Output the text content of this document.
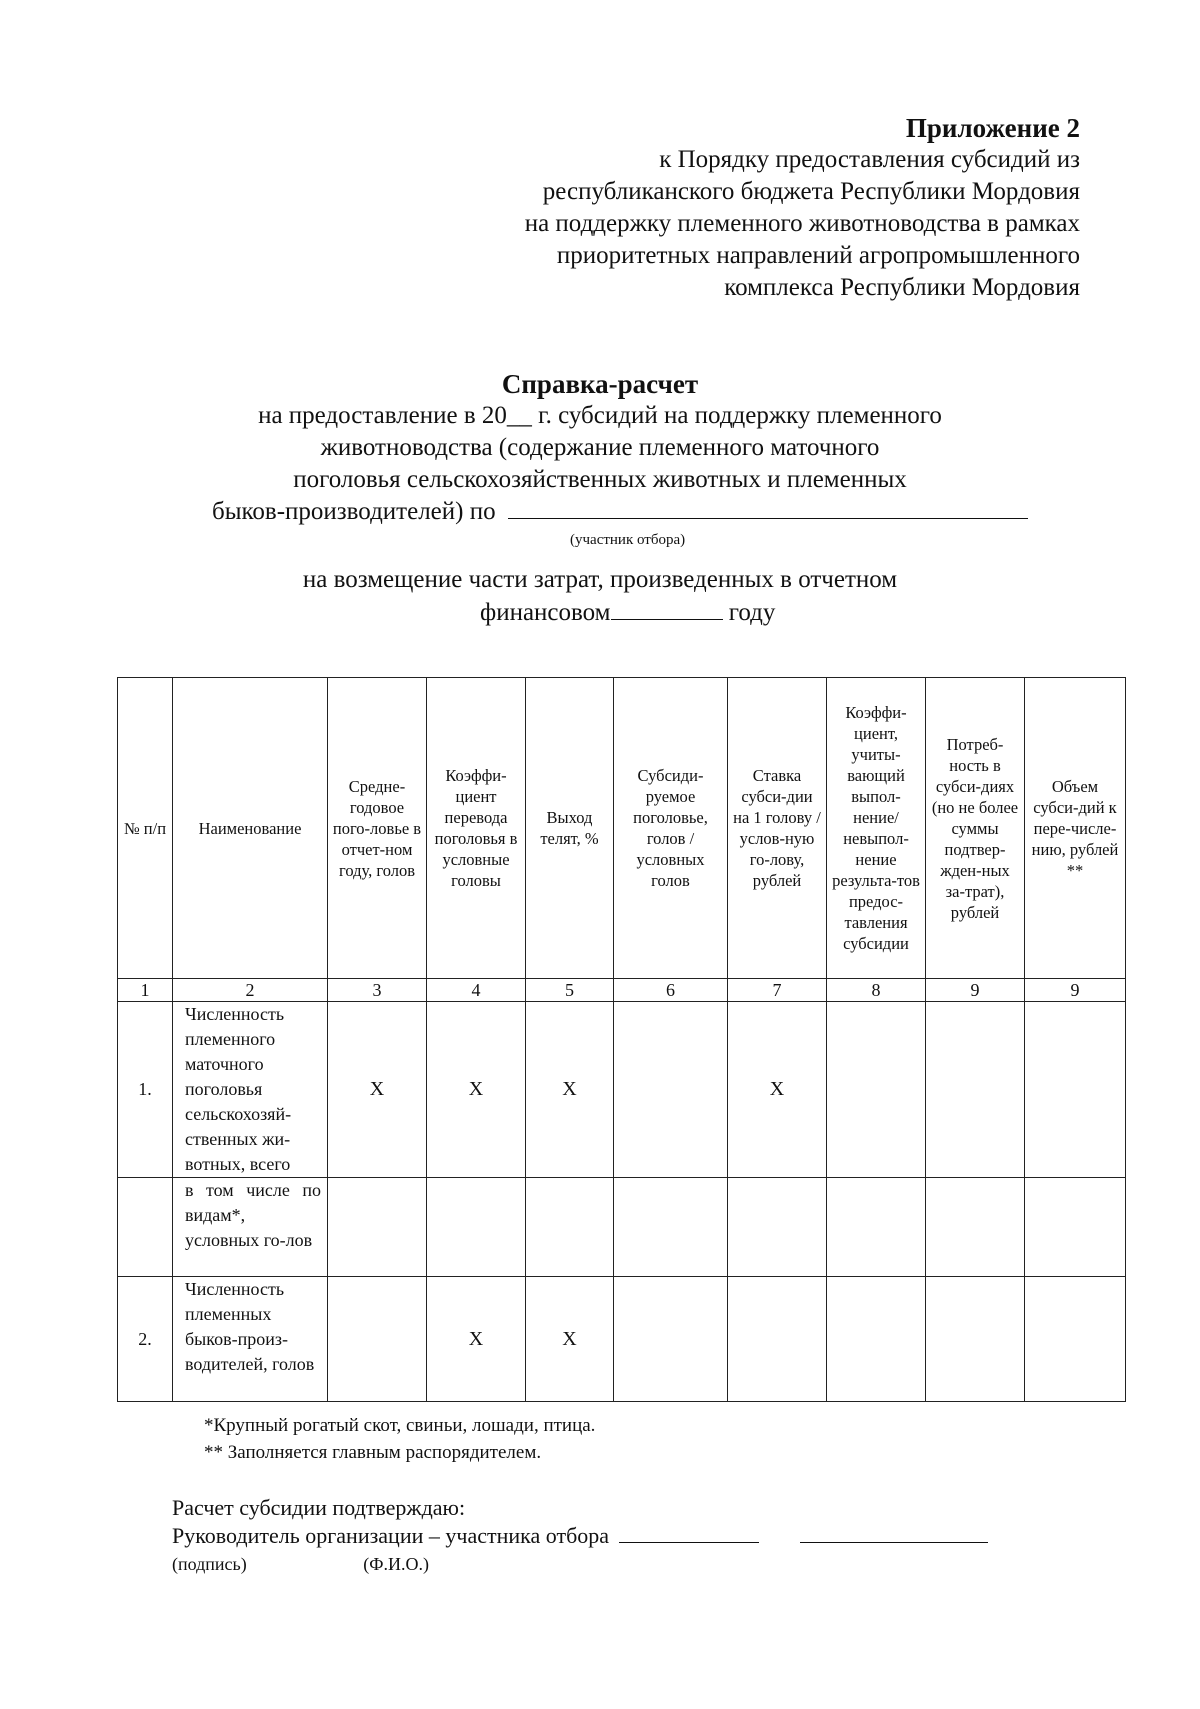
Приложение 2
к Порядку предоставления субсидий из
республиканского бюджета Республики Мордовия
на поддержку племенного животноводства в рамках
приоритетных направлений агропромышленного
комплекса Республики Мордовия
Справка-расчет
на предоставление в 20__ г. субсидий на поддержку племенного
животноводства (содержание племенного маточного
поголовья сельскохозяйственных животных и племенных
быков-производителей) по
(участник отбора)
на возмещение части затрат, произведенных в отчетном
финансовом	году
№ п/п	Наименование	Средне-годовое пого-ловье в отчет-ном году, голов	Коэффи-циент перевода поголовья в условные головы	Выход телят, %	Субсиди-руемое поголовье, голов / условных голов	Ставка субси-дии на 1 голову / услов-ную го-лову, рублей	Коэффи-циент, учиты-вающий выпол-нение/ невыпол-нение результа-тов предос-тавления субсидии	Потреб-ность в субси-диях (но не более суммы подтвер-жден-ных за-трат), рублей	Объем субси-дий к пере-числе-нию, рублей **
1	2	3	4	5	6	7	8	9	9
1.	Численность племенного маточного поголовья сельскохозяй-ственных жи-вотных, всего	X	X	X		X			
	в том числе по видам*, условных го-лов								
2.	Численность племенных быков-произ-водителей, голов		X	X					
*Крупный рогатый скот, свиньи, лошади, птица.
** Заполняется главным распорядителем.
Расчет субсидии подтверждаю:
Руководитель организации – участника отбора
(подпись)	(Ф.И.О.)
